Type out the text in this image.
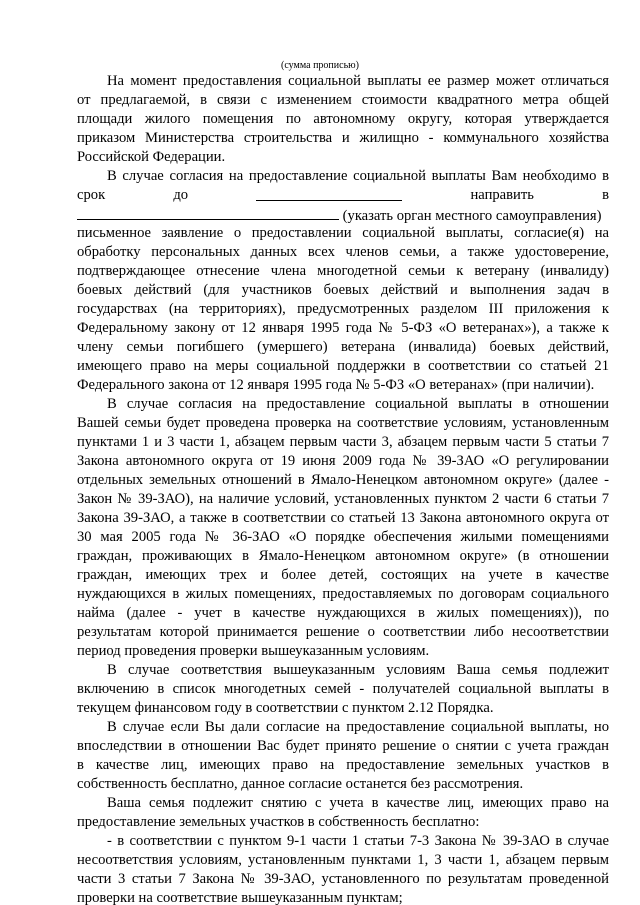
(сумма прописью)
На момент предоставления социальной выплаты ее размер может отличаться
от предлагаемой, в связи с изменением стоимости квадратного метра общей
площади жилого помещения по автономному округу, которая утверждается
приказом Министерства строительства и жилищно - коммунального хозяйства
Российской Федерации.
В случае согласия на предоставление социальной выплаты Вам необходимо в
срок	до	направить	в
(указать орган местного самоуправления)
письменное заявление о предоставлении социальной выплаты, согласие(я) на
обработку персональных данных всех членов семьи, а также удостоверение,
подтверждающее отнесение члена многодетной семьи к ветерану (инвалиду)
боевых действий (для участников боевых действий и выполнения задач в
государствах (на территориях), предусмотренных разделом III приложения к
Федеральному закону от 12 января 1995 года № 5-ФЗ «О ветеранах»), а также к
члену семьи погибшего (умершего) ветерана (инвалида) боевых действий,
имеющего право на меры социальной поддержки в соответствии со статьей 21
Федерального закона от 12 января 1995 года № 5-ФЗ «О ветеранах» (при наличии).
В случае согласия на предоставление социальной выплаты в отношении
Вашей семьи будет проведена проверка на соответствие условиям, установленным
пунктами 1 и 3 части 1, абзацем первым части 3, абзацем первым части 5 статьи 7
Закона автономного округа от 19 июня 2009 года № 39-ЗАО «О регулировании
отдельных земельных отношений в Ямало-Ненецком автономном округе» (далее -
Закон № 39-ЗАО), на наличие условий, установленных пунктом 2 части 6 статьи 7
Закона 39-ЗАО, а также в соответствии со статьей 13 Закона автономного округа от
30 мая 2005 года № 36-ЗАО «О порядке обеспечения жилыми помещениями
граждан, проживающих в Ямало-Ненецком автономном округе» (в отношении
граждан, имеющих трех и более детей, состоящих на учете в качестве
нуждающихся в жилых помещениях, предоставляемых по договорам социального
найма (далее - учет в качестве нуждающихся в жилых помещениях)), по
результатам которой принимается решение о соответствии либо несоответствии
период проведения проверки вышеуказанным условиям.
В случае соответствия вышеуказанным условиям Ваша семья подлежит
включению в список многодетных семей - получателей социальной выплаты в
текущем финансовом году в соответствии с пунктом 2.12 Порядка.
В случае если Вы дали согласие на предоставление социальной выплаты, но
впоследствии в отношении Вас будет принято решение о снятии с учета граждан
в качестве лиц, имеющих право на предоставление земельных участков в
собственность бесплатно, данное согласие останется без рассмотрения.
Ваша семья подлежит снятию с учета в качестве лиц, имеющих право на
предоставление земельных участков в собственность бесплатно:
- в соответствии с пунктом 9-1 части 1 статьи 7-3 Закона № 39-ЗАО в случае
несоответствия условиям, установленным пунктами 1, 3 части 1, абзацем первым
части 3 статьи 7 Закона № 39-ЗАО, установленного по результатам проведенной
проверки на соответствие вышеуказанным пунктам;
